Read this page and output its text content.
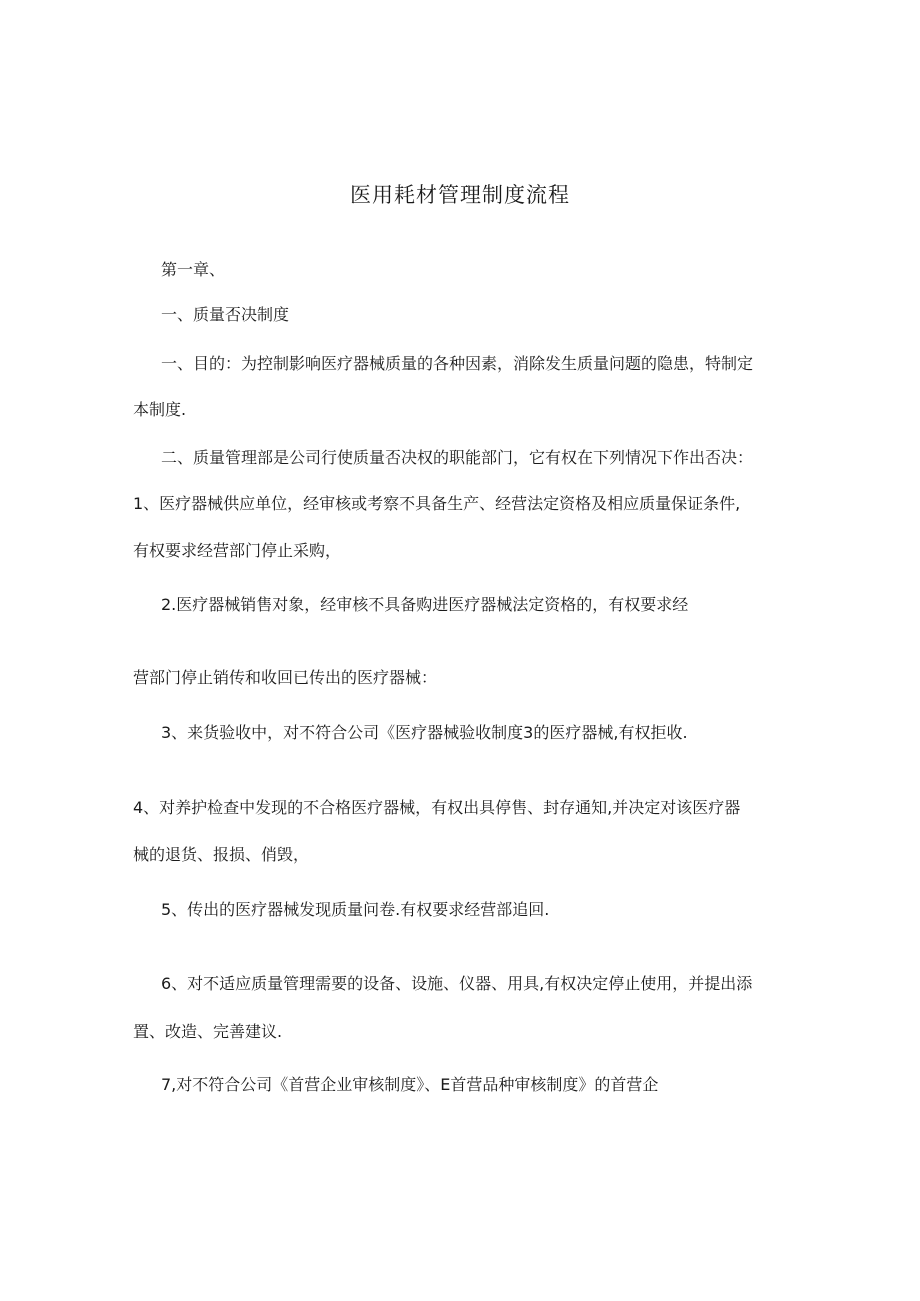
医用耗材管理制度流程
第一章、
一、质量否决制度
一、目的：为控制影响医疗器械质量的各种因素，消除发生质量问题的隐患，特制定
本制度.
二、质量管理部是公司行使质量否决权的职能部门，它有权在下列情况下作出否决：
1、医疗器械供应单位，经审核或考察不具备生产、经营法定资格及相应质量保证条件,
有权要求经营部门停止采购，
2.医疗器械销售对象，经审核不具备购进医疗器械法定资格的，有权要求经
营部门停止销传和收回已传出的医疗器械：
3、来货验收中，对不符合公司《医疗器械验收制度3的医疗器械,有权拒收.
4、对养护检查中发现的不合格医疗器械，有权出具停售、封存通知,并决定对该医疗器
械的退货、报损、俏毁，
5、传出的医疗器械发现质量问卷.有权要求经营部追回.
6、对不适应质量管理需要的设备、设施、仪器、用具,有权决定停止使用，并提出添
置、改造、完善建议.
7,对不符合公司《首营企业审核制度》、E首营品种审核制度》的首营企
